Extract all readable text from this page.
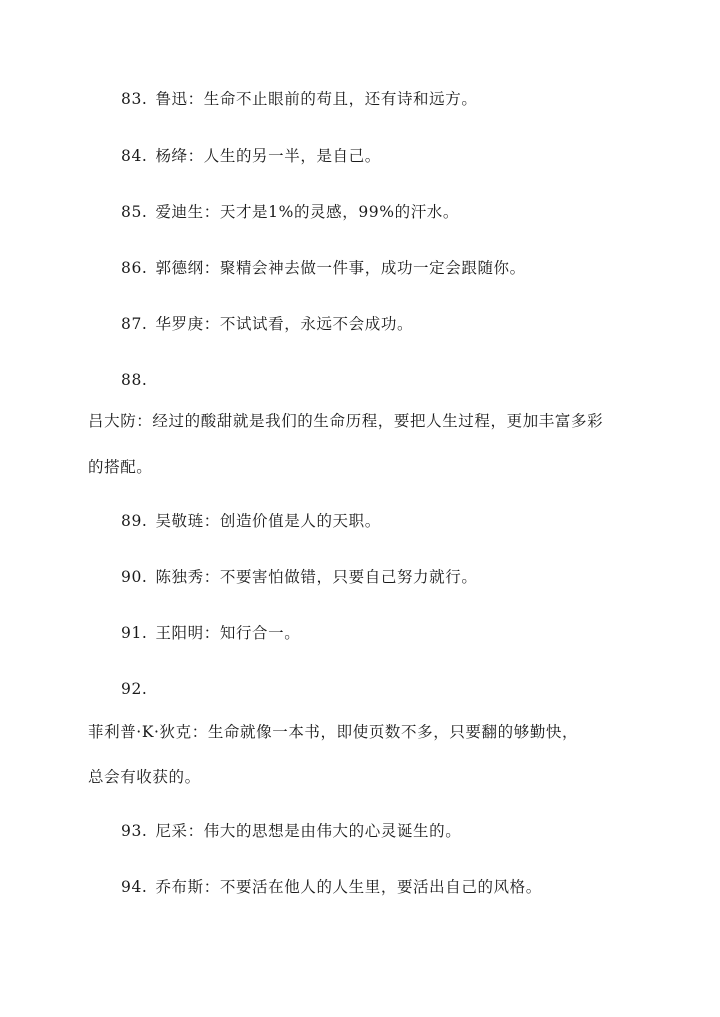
83. 鲁迅：生命不止眼前的苟且，还有诗和远方。
84. 杨绛：人生的另一半，是自己。
85. 爱迪生：天才是1%的灵感，99%的汗水。
86. 郭德纲：聚精会神去做一件事，成功一定会跟随你。
87. 华罗庚：不试试看，永远不会成功。
88.
吕大防：经过的酸甜就是我们的生命历程，要把人生过程，更加丰富多彩
的搭配。
89. 吴敬琏：创造价值是人的天职。
90. 陈独秀：不要害怕做错，只要自己努力就行。
91. 王阳明：知行合一。
92.
菲利普·K·狄克：生命就像一本书，即使页数不多，只要翻的够勤快，
总会有收获的。
93. 尼采：伟大的思想是由伟大的心灵诞生的。
94. 乔布斯：不要活在他人的人生里，要活出自己的风格。
